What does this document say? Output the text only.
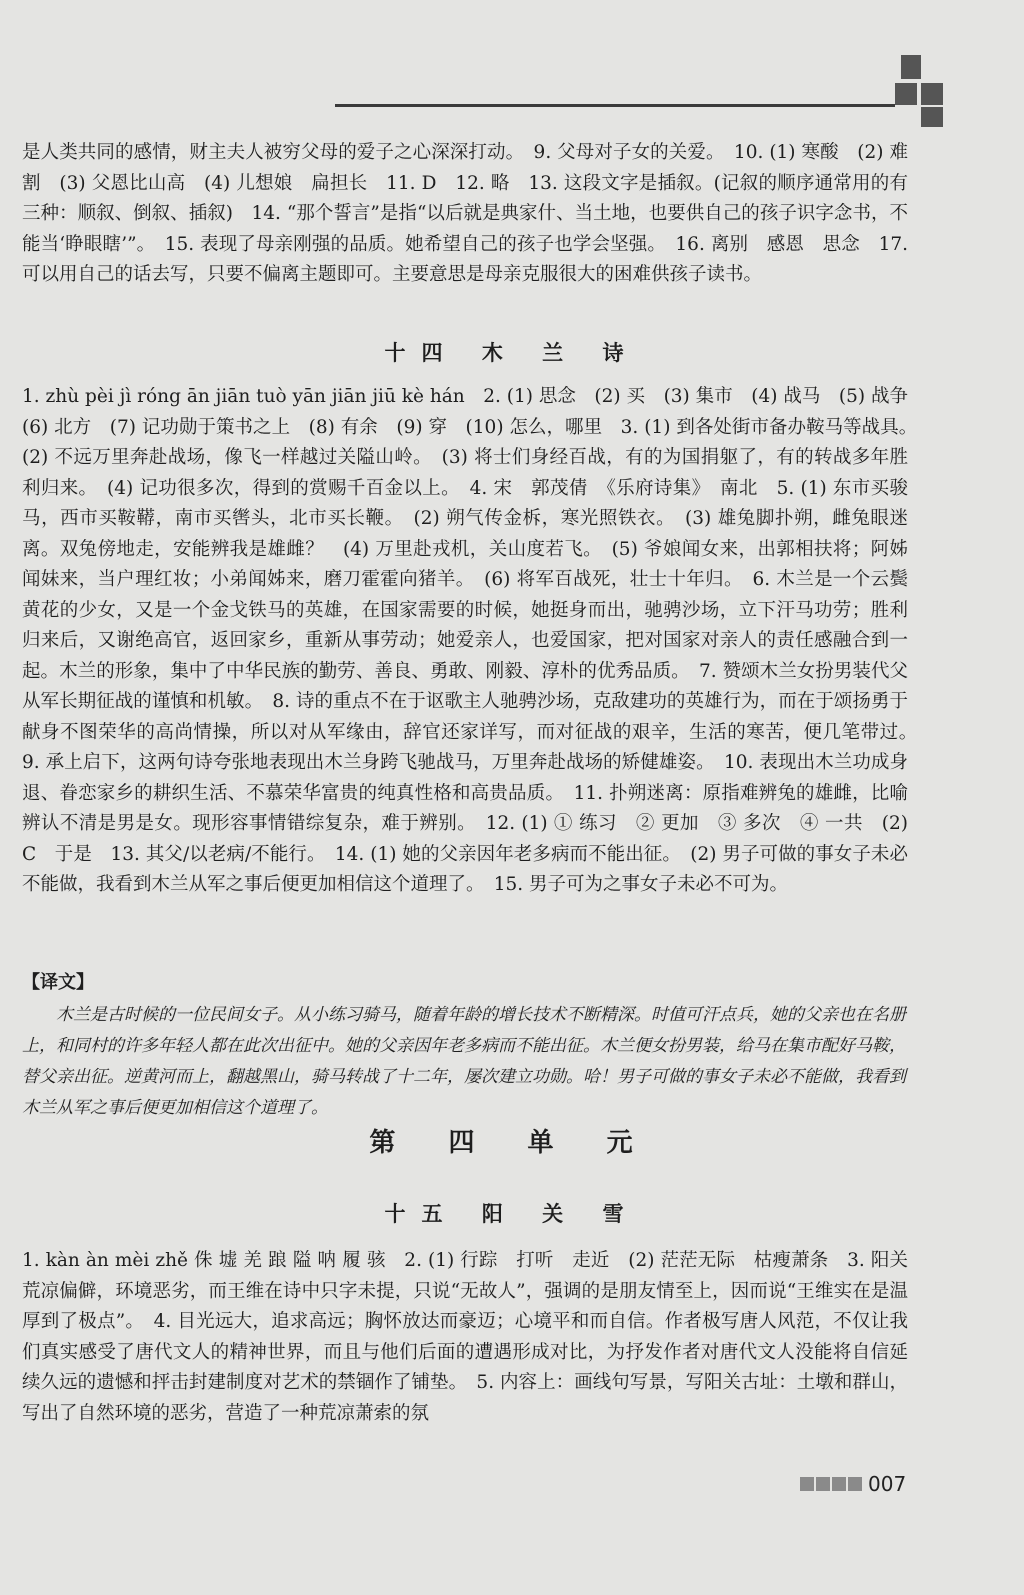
是人类共同的感情，财主夫人被穷父母的爱子之心深深打动。　9. 父母对子女的关爱。　10. (1) 寒酸　(2) 难割　(3) 父恩比山高　(4) 儿想娘　扁担长　11. D　12. 略　13. 这段文字是插叙。(记叙的顺序通常用的有三种：顺叙、倒叙、插叙)　14. “那个誓言”是指“以后就是典家什、当土地，也要供自己的孩子识字念书，不能当‘睁眼瞎’”。　15. 表现了母亲刚强的品质。她希望自己的孩子也学会坚强。　16. 离别　感恩　思念　17. 可以用自己的话去写，只要不偏离主题即可。主要意思是母亲克服很大的困难供孩子读书。

十四 木 兰 诗

1. zhù pèi jì róng ān jiān tuò yān jiān jiū kè hán　2. (1) 思念　(2) 买　(3) 集市　(4) 战马　(5) 战争　(6) 北方　(7) 记功勋于策书之上　(8) 有余　(9) 穿　(10) 怎么，哪里　3. (1) 到各处街市备办鞍马等战具。　(2) 不远万里奔赴战场，像飞一样越过关隘山岭。　(3) 将士们身经百战，有的为国捐躯了，有的转战多年胜利归来。　(4) 记功很多次，得到的赏赐千百金以上。　4. 宋　郭茂倩　《乐府诗集》　南北　5. (1) 东市买骏马，西市买鞍鞯，南市买辔头，北市买长鞭。　(2) 朔气传金柝，寒光照铁衣。　(3) 雄兔脚扑朔，雌兔眼迷离。双兔傍地走，安能辨我是雄雌？　(4) 万里赴戎机，关山度若飞。　(5) 爷娘闻女来，出郭相扶将；阿姊闻妹来，当户理红妆；小弟闻姊来，磨刀霍霍向猪羊。　(6) 将军百战死，壮士十年归。　6. 木兰是一个云鬓黄花的少女，又是一个金戈铁马的英雄，在国家需要的时候，她挺身而出，驰骋沙场，立下汗马功劳；胜利归来后，又谢绝高官，返回家乡，重新从事劳动；她爱亲人，也爱国家，把对国家对亲人的责任感融合到一起。木兰的形象，集中了中华民族的勤劳、善良、勇敢、刚毅、淳朴的优秀品质。　7. 赞颂木兰女扮男装代父从军长期征战的谨慎和机敏。　8. 诗的重点不在于讴歌主人驰骋沙场，克敌建功的英雄行为，而在于颂扬勇于献身不图荣华的高尚情操，所以对从军缘由，辞官还家详写，而对征战的艰辛，生活的寒苦，便几笔带过。　9. 承上启下，这两句诗夸张地表现出木兰身跨飞驰战马，万里奔赴战场的矫健雄姿。　10. 表现出木兰功成身退、眷恋家乡的耕织生活、不慕荣华富贵的纯真性格和高贵品质。　11. 扑朔迷离：原指难辨兔的雄雌，比喻辨认不清是男是女。现形容事情错综复杂，难于辨别。　12. (1) ① 练习　② 更加　③ 多次　④ 一共　(2) C　于是　13. 其父/以老病/不能行。　14. (1) 她的父亲因年老多病而不能出征。　(2) 男子可做的事女子未必不能做，我看到木兰从军之事后便更加相信这个道理了。　15. 男子可为之事女子未必不可为。

【译文】

木兰是古时候的一位民间女子。从小练习骑马，随着年龄的增长技术不断精深。时值可汗点兵，她的父亲也在名册上，和同村的许多年轻人都在此次出征中。她的父亲因年老多病而不能出征。木兰便女扮男装，给马在集市配好马鞍，替父亲出征。逆黄河而上，翻越黑山，骑马转战了十二年，屡次建立功勋。哈！男子可做的事女子未必不能做，我看到木兰从军之事后便更加相信这个道理了。

第 四 单 元
十五 阳 关 雪

1. kàn àn mèi zhě 侏 墟 羌 踉 隘 呐 履 骇　2. (1) 行踪　打听　走近　(2) 茫茫无际　枯瘦萧条　3. 阳关荒凉偏僻，环境恶劣，而王维在诗中只字未提，只说“无故人”，强调的是朋友情至上，因而说“王维实在是温厚到了极点”。　4. 目光远大，追求高远；胸怀放达而豪迈；心境平和而自信。作者极写唐人风范，不仅让我们真实感受了唐代文人的精神世界，而且与他们后面的遭遇形成对比，为抒发作者对唐代文人没能将自信延续久远的遗憾和抨击封建制度对艺术的禁锢作了铺垫。　5. 内容上：画线句写景，写阳关古址：土墩和群山，写出了自然环境的恶劣，营造了一种荒凉萧索的氛

007
